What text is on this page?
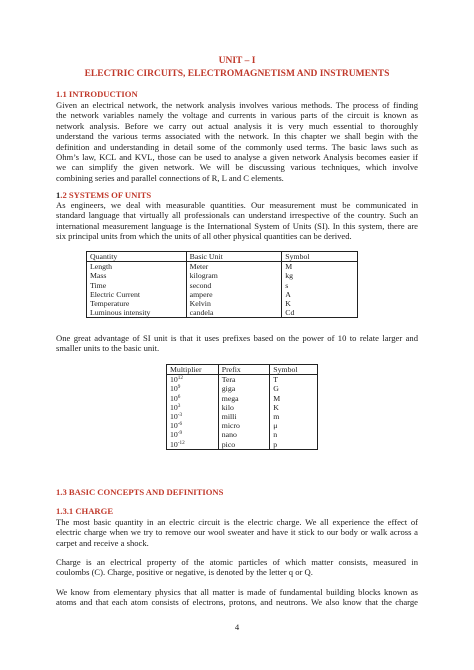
UNIT – I
ELECTRIC CIRCUITS, ELECTROMAGNETISM AND INSTRUMENTS
1.1 INTRODUCTION
Given an electrical network, the network analysis involves various methods. The process of finding
the network variables namely the voltage and currents in various parts of the circuit is known as
network analysis. Before we carry out actual analysis it is very much essential to thoroughly
understand the various terms associated with the network. In this chapter we shall begin with the
definition and understanding in detail some of the commonly used terms. The basic laws such as
Ohm’s law, KCL and KVL, those can be used to analyse a given network Analysis becomes easier if
we can simplify the given network. We will be discussing various techniques, which involve
combining series and parallel connections of R, L and C elements.
1.2 SYSTEMS OF UNITS
As engineers, we deal with measurable quantities. Our measurement must be communicated in
standard language that virtually all professionals can understand irrespective of the country. Such an
international measurement language is the International System of Units (SI). In this system, there are
six principal units from which the units of all other physical quantities can be derived.
Quantity	Basic Unit	Symbol
Length	Meter	M
Mass	kilogram	kg
Time	second	s
Electric Current	ampere	A
Temperature	Kelvin	K
Luminous intensity	candela	Cd
One great advantage of SI unit is that it uses prefixes based on the power of 10 to relate larger and
smaller units to the basic unit.
Multiplier	Prefix	Symbol
$10^{12}$	Tera	T
$10^9$	giga	G
$10^6$	mega	M
$10^3$	kilo	K
$10^{-3}$	milli	m
$10^{-6}$	micro	μ
$10^{-9}$	nano	n
$10^{-12}$	pico	p
1.3 BASIC CONCEPTS AND DEFINITIONS
1.3.1 CHARGE
The most basic quantity in an electric circuit is the electric charge. We all experience the effect of
electric charge when we try to remove our wool sweater and have it stick to our body or walk across a
carpet and receive a shock.
Charge is an electrical property of the atomic particles of which matter consists, measured in
coulombs (C). Charge, positive or negative, is denoted by the letter q or Q.
We know from elementary physics that all matter is made of fundamental building blocks known as
atoms and that each atom consists of electrons, protons, and neutrons. We also know that the charge
4
